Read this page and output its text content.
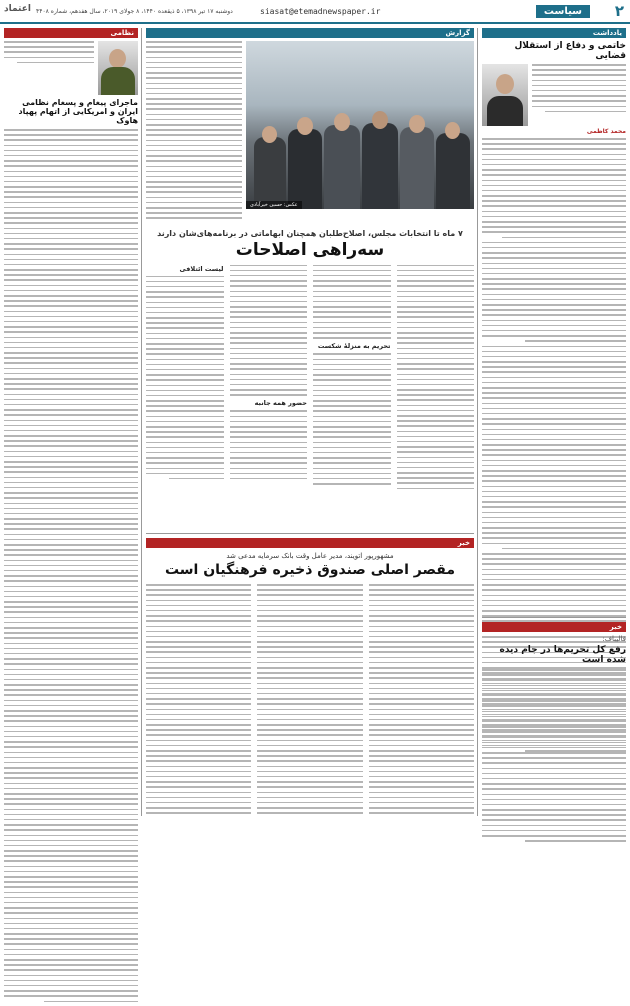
۲
سیاست
siasat@etemadnewspaper.ir
دوشنبه ۱۷ تیر ۱۳۹۸، ۵ ذیقعده ۱۴۴۰، ۸ جولای ۲۰۱۹، سال هفدهم، شماره ۴۴۰۸
اعتماد
یادداشت
خاتمی و دفاع از استقلال قضایی
محمد کاظمی
خبر
قالیباف:
رفع کل تحریم‌ها در جام دیده شده است
گزارش
عکس: حسین خیرآبادی
۷ ماه تا انتخابات مجلس، اصلاح‌طلبان همچنان ابهاماتی در برنامه‌های‌شان دارند
سه‌راهی اصلاحات
تحریم به منزلهٔ شکست
حضور همه جانبه
لیست ائتلافی
خبر
مشهورپور اتویند، مدیر عامل وقت بانک سرمایه مدعی شد
مقصر اصلی صندوق ذخیره فرهنگیان است
نظامی
ماجرای پیغام و پسغام نظامی ایران و امریکایی از اتهام پهپاد هاوک
